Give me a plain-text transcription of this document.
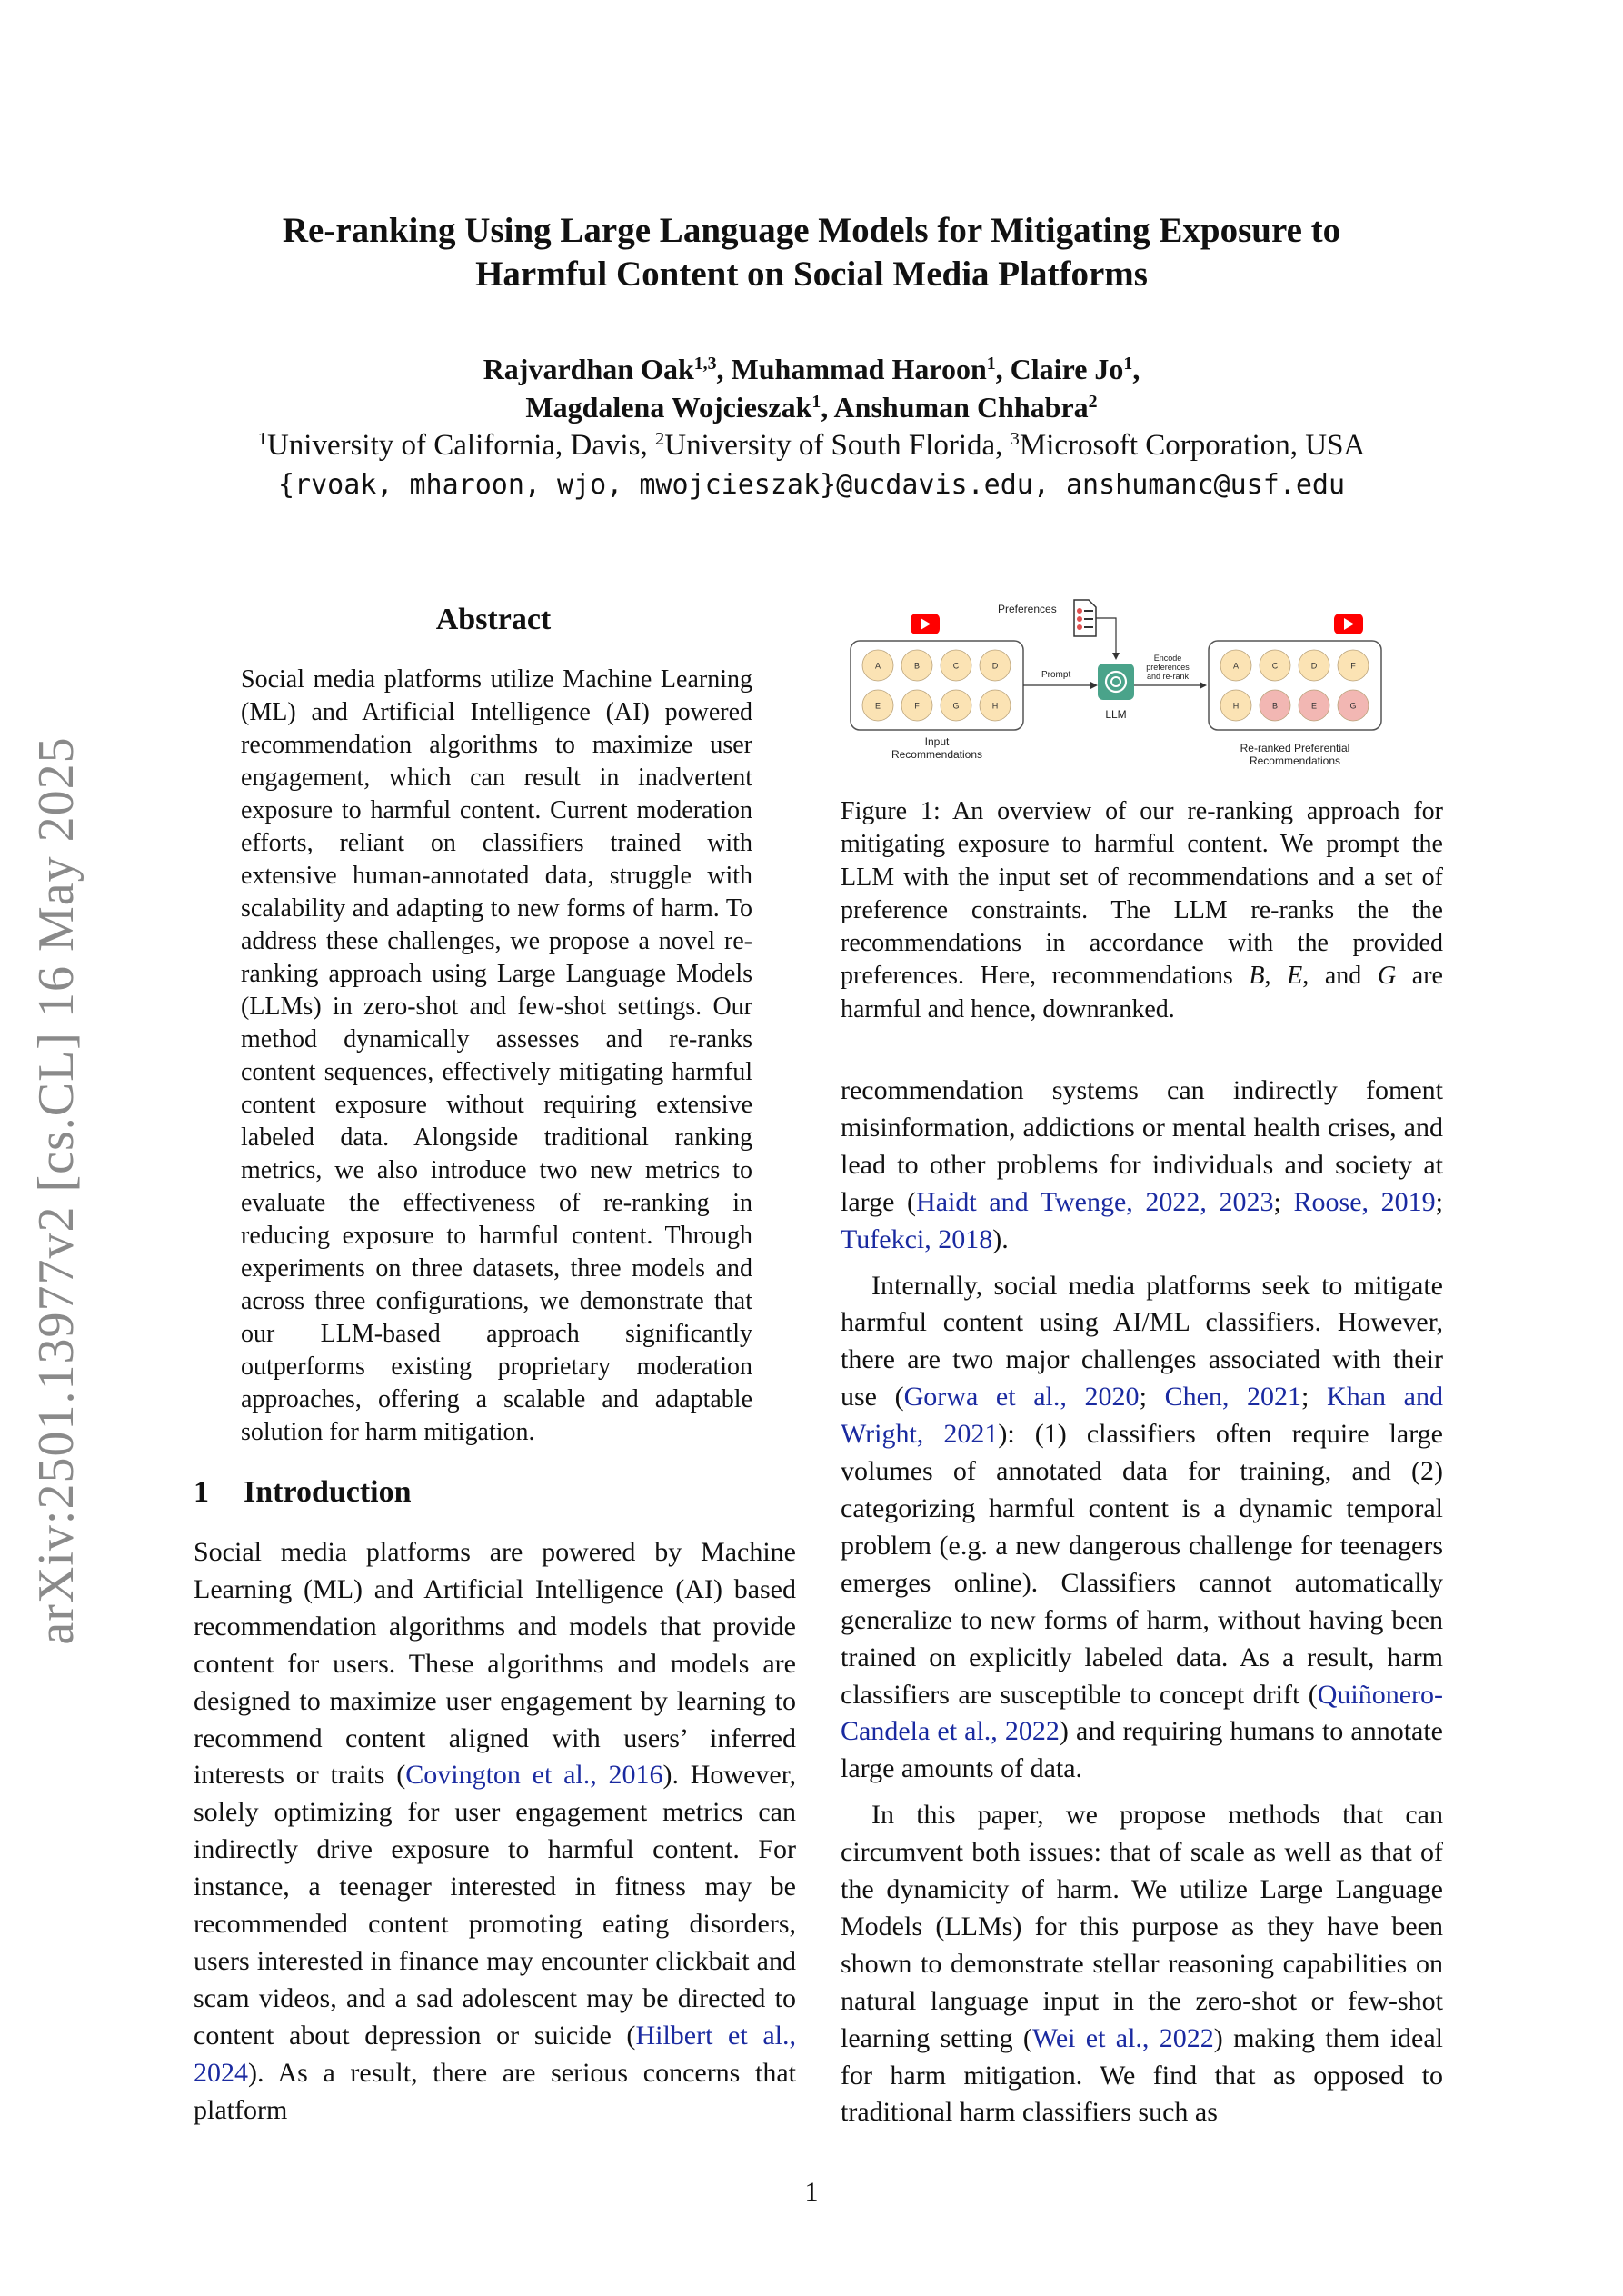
Re-ranking Using Large Language Models for Mitigating Exposure to
Harmful Content on Social Media Platforms
Rajvardhan Oak$^{1,3}$, Muhammad Haroon$^1$, Claire Jo$^1$,
Magdalena Wojcieszak$^1$, Anshuman Chhabra$^2$
$^1$University of California, Davis, $^2$University of South Florida, $^3$Microsoft Corporation, USA
{rvoak, mharoon, wjo, mwojcieszak}@ucdavis.edu, anshumanc@usf.edu
arXiv:2501.13977v2 [cs.CL] 16 May 2025
Abstract
Social media platforms utilize Machine Learning (ML) and Artificial Intelligence (AI) powered recommendation algorithms to maximize user engagement, which can result in inadvertent exposure to harmful content. Current moderation efforts, reliant on classifiers trained with extensive human-annotated data, struggle with scalability and adapting to new forms of harm. To address these challenges, we propose a novel re-ranking approach using Large Language Models (LLMs) in zero-shot and few-shot settings. Our method dynamically assesses and re-ranks content sequences, effectively mitigating harmful content exposure without requiring extensive labeled data. Alongside traditional ranking metrics, we also introduce two new metrics to evaluate the effectiveness of re-ranking in reducing exposure to harmful content. Through experiments on three datasets, three models and across three configurations, we demonstrate that our LLM-based approach significantly outperforms existing proprietary moderation approaches, offering a scalable and adaptable solution for harm mitigation.
1 Introduction

Social media platforms are powered by Machine Learning (ML) and Artificial Intelligence (AI) based recommendation algorithms and models that provide content for users. These algorithms and models are designed to maximize user engagement by learning to recommend content aligned with users’ inferred interests or traits (Covington et al., 2016). However, solely optimizing for user engagement metrics can indirectly drive exposure to harmful content. For instance, a teenager interested in fitness may be recommended content promoting eating disorders, users interested in finance may encounter clickbait and scam videos, and a sad adolescent may be directed to content about depression or suicide (Hilbert et al., 2024). As a result, there are serious concerns that platform

A	B	C	D
E	F	G	H
Input
Recommendations
Preferences
Prompt
LLM
Encode
preferences
and re-rank
A	C	D	F
H	B	E	G
Re-ranked Preferential
Recommendations
Figure 1: An overview of our re-ranking approach for mitigating exposure to harmful content. We prompt the LLM with the input set of recommendations and a set of preference constraints. The LLM re-ranks the the recommendations in accordance with the provided preferences. Here, recommendations B, E, and G are harmful and hence, downranked.

recommendation systems can indirectly foment misinformation, addictions or mental health crises, and lead to other problems for individuals and society at large (Haidt and Twenge, 2022, 2023; Roose, 2019; Tufekci, 2018).

Internally, social media platforms seek to mitigate harmful content using AI/ML classifiers. However, there are two major challenges associated with their use (Gorwa et al., 2020; Chen, 2021; Khan and Wright, 2021): (1) classifiers often require large volumes of annotated data for training, and (2) categorizing harmful content is a dynamic temporal problem (e.g. a new dangerous challenge for teenagers emerges online). Classifiers cannot automatically generalize to new forms of harm, without having been trained on explicitly labeled data. As a result, harm classifiers are susceptible to concept drift (Quiñonero-Candela et al., 2022) and requiring humans to annotate large amounts of data.

In this paper, we propose methods that can circumvent both issues: that of scale as well as that of the dynamicity of harm. We utilize Large Language Models (LLMs) for this purpose as they have been shown to demonstrate stellar reasoning capabilities on natural language input in the zero-shot or few-shot learning setting (Wei et al., 2022) making them ideal for harm mitigation. We find that as opposed to traditional harm classifiers such as

1
